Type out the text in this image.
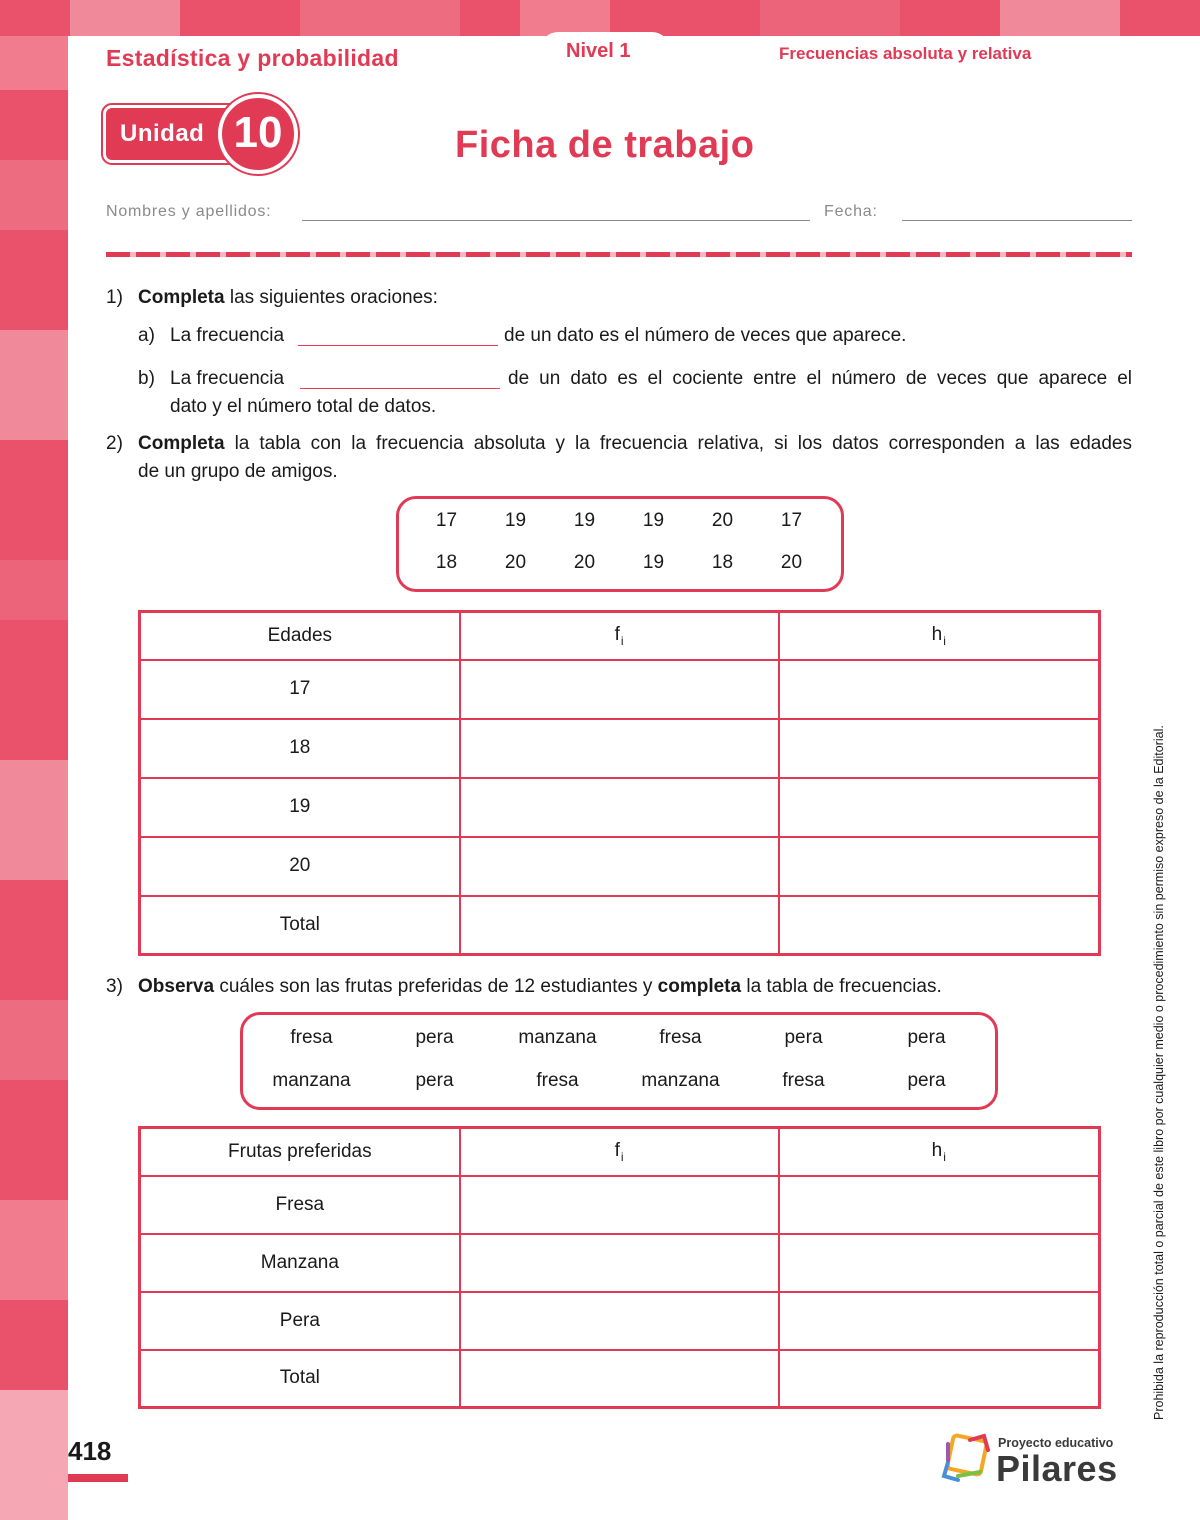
Estadística y probabilidad	Nivel 1	Frecuencias absoluta y relativa
Unidad 10	Ficha de trabajo
Nombres y apellidos:	Fecha:
1) Completa las siguientes oraciones:
a) La frecuencia	de un dato es el número de veces que aparece.
b) La frecuencia	de un dato es el cociente entre el número de veces que aparece el
dato y el número total de datos.
2) Completa la tabla con la frecuencia absoluta y la frecuencia relativa, si los datos corresponden a las edades
de un grupo de amigos.
17	19	19	19	20	17
18	20	20	19	18	20
Edades	$f_i$	$h_i$
17		
18		
19		
20		
Total		
3) Observa cuáles son las frutas preferidas de 12 estudiantes y completa la tabla de frecuencias.
fresa	pera	manzana	fresa	pera	pera
manzana	pera	fresa	manzana	fresa	pera
Frutas preferidas	$f_i$	$h_i$
Fresa		
Manzana		
Pera		
Total			Prohibida la reproducción total o parcial de este libro por cualquier medio o procedimiento sin permiso expreso de la Editorial.
418	Proyecto educativo
Pilares
